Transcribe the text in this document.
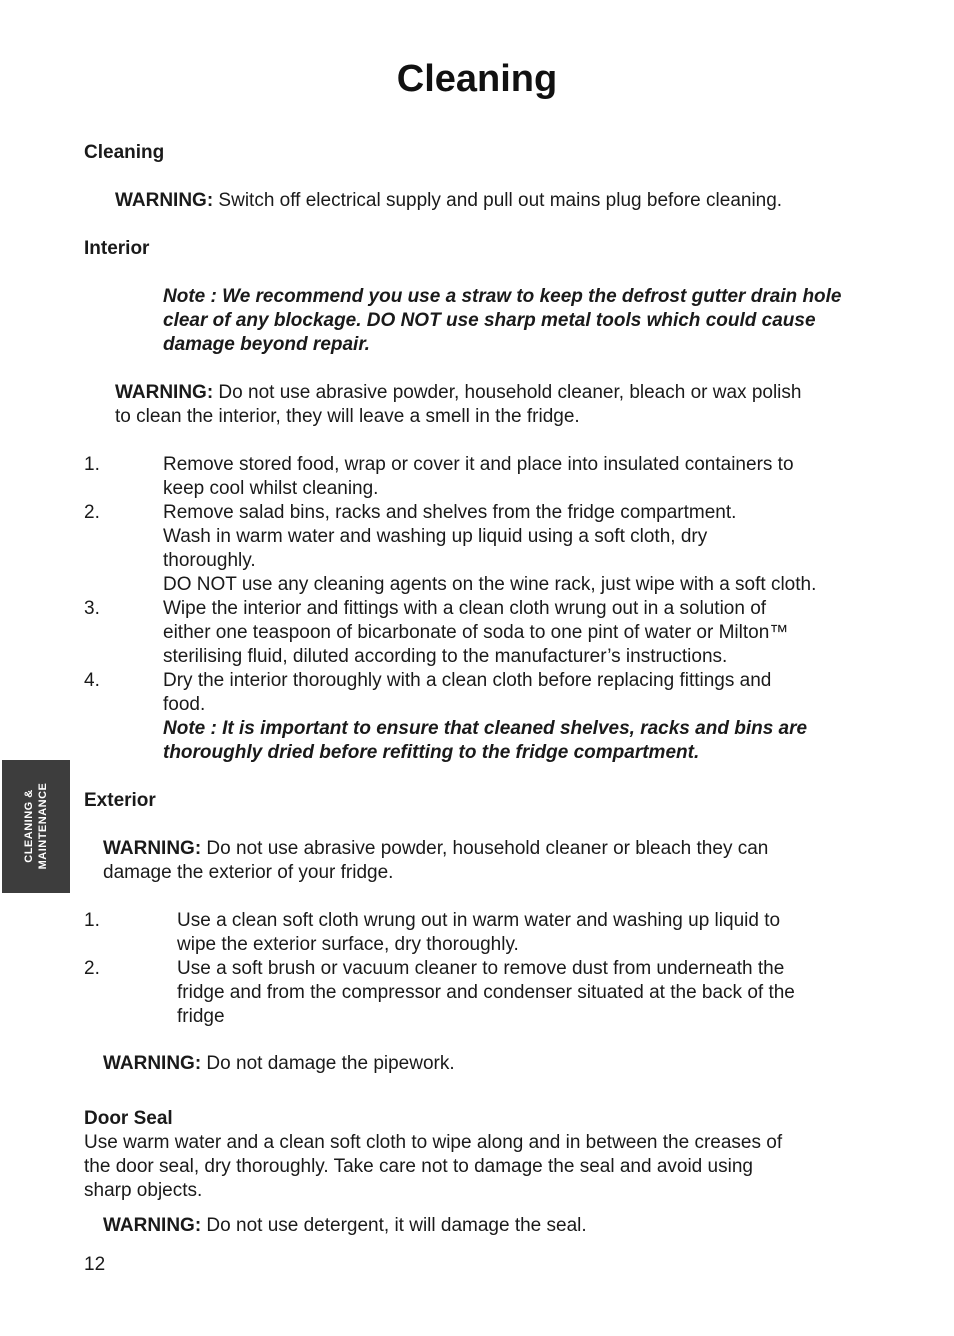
Cleaning
Cleaning
WARNING: Switch off electrical supply and pull out mains plug before cleaning.
Interior
Note : We recommend you use a straw to keep the defrost gutter drain hole
clear of any blockage. DO NOT use sharp metal tools which could cause
damage beyond repair.
WARNING: Do not use abrasive powder, household cleaner, bleach or wax polish
to clean the interior, they will leave a smell in the fridge.
1.	Remove stored food, wrap or cover it and place into insulated containers to
keep cool whilst cleaning.
2.	Remove salad bins, racks and shelves from the fridge compartment.
Wash in warm water and washing up liquid using a soft cloth, dry
thoroughly.
DO NOT use any cleaning agents on the wine rack, just wipe with a soft cloth.
3.	Wipe the interior and fittings with a clean cloth wrung out in a solution of
either one teaspoon of bicarbonate of soda to one pint of water or Milton™
sterilising fluid, diluted according to the manufacturer’s instructions.
4.	Dry the interior thoroughly with a clean cloth before replacing fittings and
food.
Note : It is important to ensure that cleaned shelves, racks and bins are
thoroughly dried before refitting to the fridge compartment.
CLEANING & MAINTENANCE Exterior
WARNING: Do not use abrasive powder, household cleaner or bleach they can
damage the exterior of your fridge.
1.	Use a clean soft cloth wrung out in warm water and washing up liquid to
wipe the exterior surface, dry thoroughly.
2.	Use a soft brush or vacuum cleaner to remove dust from underneath the
fridge and from the compressor and condenser situated at the back of the
fridge
WARNING: Do not damage the pipework.
Door Seal
Use warm water and a clean soft cloth to wipe along and in between the creases of
the door seal, dry thoroughly. Take care not to damage the seal and avoid using
sharp objects.
WARNING: Do not use detergent, it will damage the seal.
12
